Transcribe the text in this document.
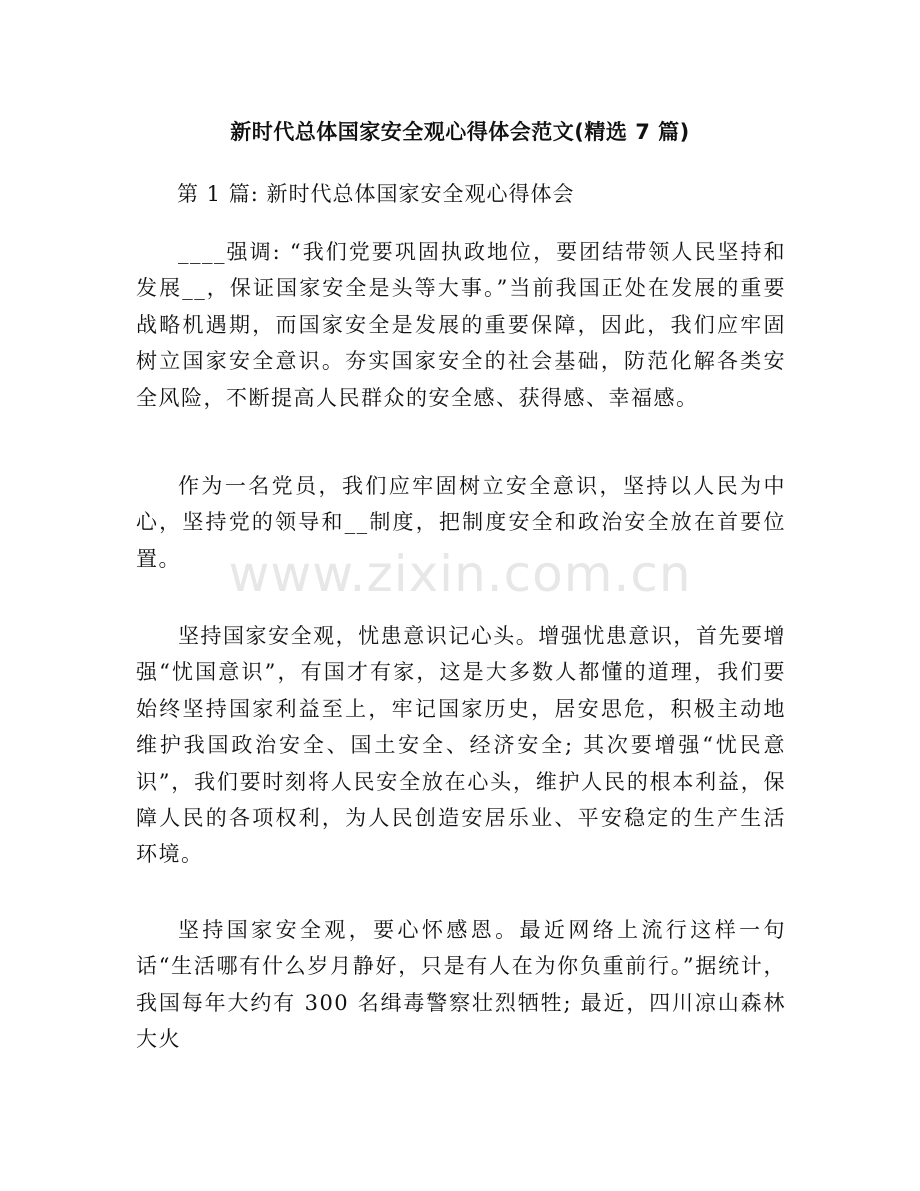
新时代总体国家安全观心得体会范文(精选 7 篇)
第 1 篇: 新时代总体国家安全观心得体会

____强调: “我们党要巩固执政地位，要团结带领人民坚持和发展__，保证国家安全是头等大事。”当前我国正处在发展的重要战略机遇期，而国家安全是发展的重要保障，因此，我们应牢固树立国家安全意识。夯实国家安全的社会基础，防范化解各类安全风险，不断提高人民群众的安全感、获得感、幸福感。

作为一名党员，我们应牢固树立安全意识，坚持以人民为中心，坚持党的领导和__制度，把制度安全和政治安全放在首要位置。

坚持国家安全观，忧患意识记心头。增强忧患意识，首先要增强“忧国意识”，有国才有家，这是大多数人都懂的道理，我们要始终坚持国家利益至上，牢记国家历史，居安思危，积极主动地维护我国政治安全、国土安全、经济安全; 其次要增强“忧民意识”，我们要时刻将人民安全放在心头，维护人民的根本利益，保障人民的各项权利，为人民创造安居乐业、平安稳定的生产生活环境。

坚持国家安全观，要心怀感恩。最近网络上流行这样一句话“生活哪有什么岁月静好，只是有人在为你负重前行。”据统计，我国每年大约有 300 名缉毒警察壮烈牺牲; 最近，四川凉山森林大火

www.zixin.com.cn
